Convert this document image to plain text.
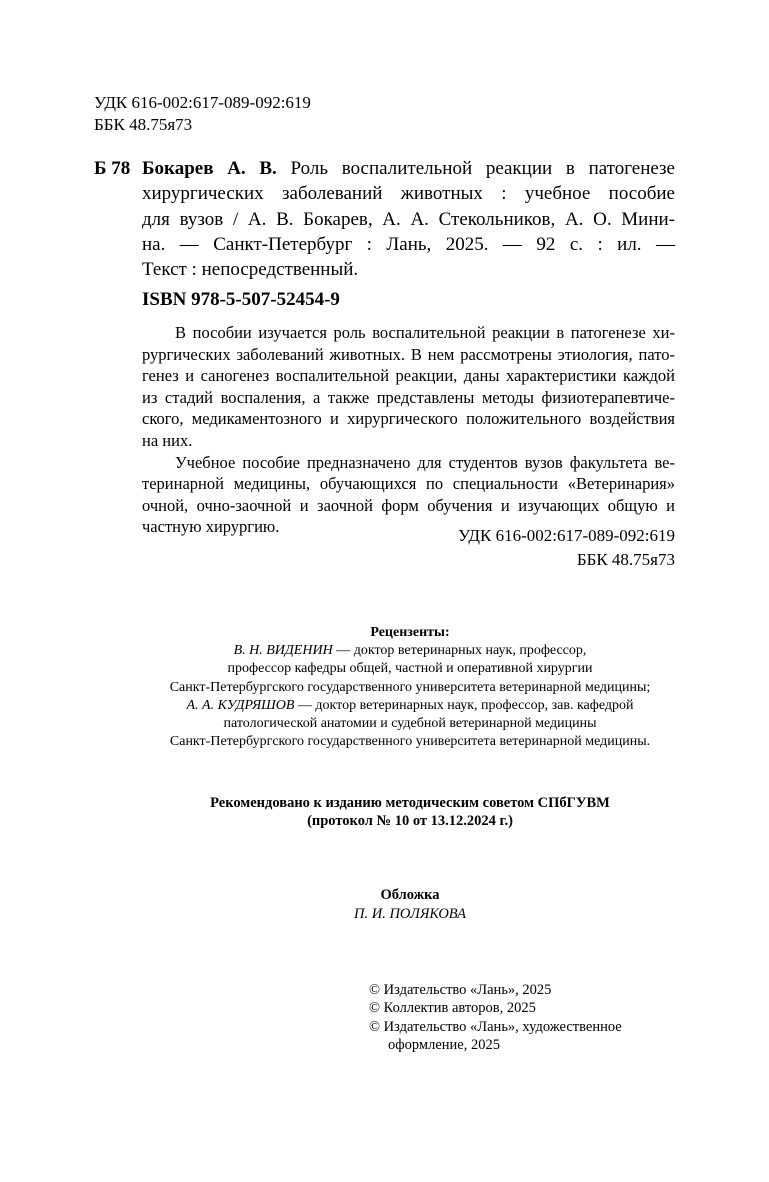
УДК 616-002:617-089-092:619
ББК 48.75я73
Б 78 Бокарев А. В. Роль воспалительной реакции в патогенезе
хирургических заболеваний животных : учебное пособие
для вузов / А. В. Бокарев, А. А. Стекольников, А. О. Мини-
на. — Санкт-Петербург : Лань, 2025. — 92 с. : ил. —
Текст : непосредственный.
ISBN 978-5-507-52454-9
В пособии изучается роль воспалительной реакции в патогенезе хи-
рургических заболеваний животных. В нем рассмотрены этиология, пато-
генез и саногенез воспалительной реакции, даны характеристики каждой
из стадий воспаления, а также представлены методы физиотерапевтиче-
ского, медикаментозного и хирургического положительного воздействия
на них.
Учебное пособие предназначено для студентов вузов факультета ве-
теринарной медицины, обучающихся по специальности «Ветеринария»
очной, очно-заочной и заочной форм обучения и изучающих общую и
частную хирургию.	УДК 616-002:617-089-092:619
ББК 48.75я73
Рецензенты:
В. Н. ВИДЕНИН — доктор ветеринарных наук, профессор,
профессор кафедры общей, частной и оперативной хирургии
Санкт-Петербургского государственного университета ветеринарной медицины;
А. А. КУДРЯШОВ — доктор ветеринарных наук, профессор, зав. кафедрой
патологической анатомии и судебной ветеринарной медицины
Санкт-Петербургского государственного университета ветеринарной медицины.
Рекомендовано к изданию методическим советом СПбГУВМ
(протокол № 10 от 13.12.2024 г.)
Обложка
П. И. ПОЛЯКОВА
© Издательство «Лань», 2025
© Коллектив авторов, 2025
© Издательство «Лань», художественное
оформление, 2025
